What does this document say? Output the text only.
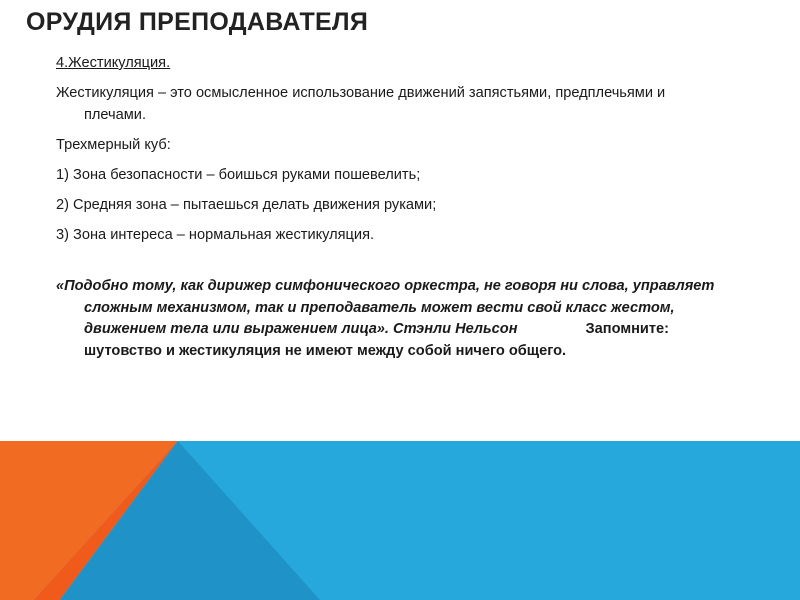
ОРУДИЯ ПРЕПОДАВАТЕЛЯ

4.Жестикуляция.

Жестикуляция – это осмысленное использование движений запястьями, предплечьями и плечами.

Трехмерный куб:

1) Зона безопасности – боишься руками пошевелить;

2) Средняя зона – пытаешься делать движения руками;

3) Зона интереса – нормальная жестикуляция.

«Подобно тому, как дирижер симфонического оркестра, не говоря ни слова, управляет сложным механизмом, так и преподаватель может вести свой класс жестом, движением тела или выражением лица». Стэнли Нельсон	Запомните: шутовство и жестикуляция не имеют между собой ничего общего.
